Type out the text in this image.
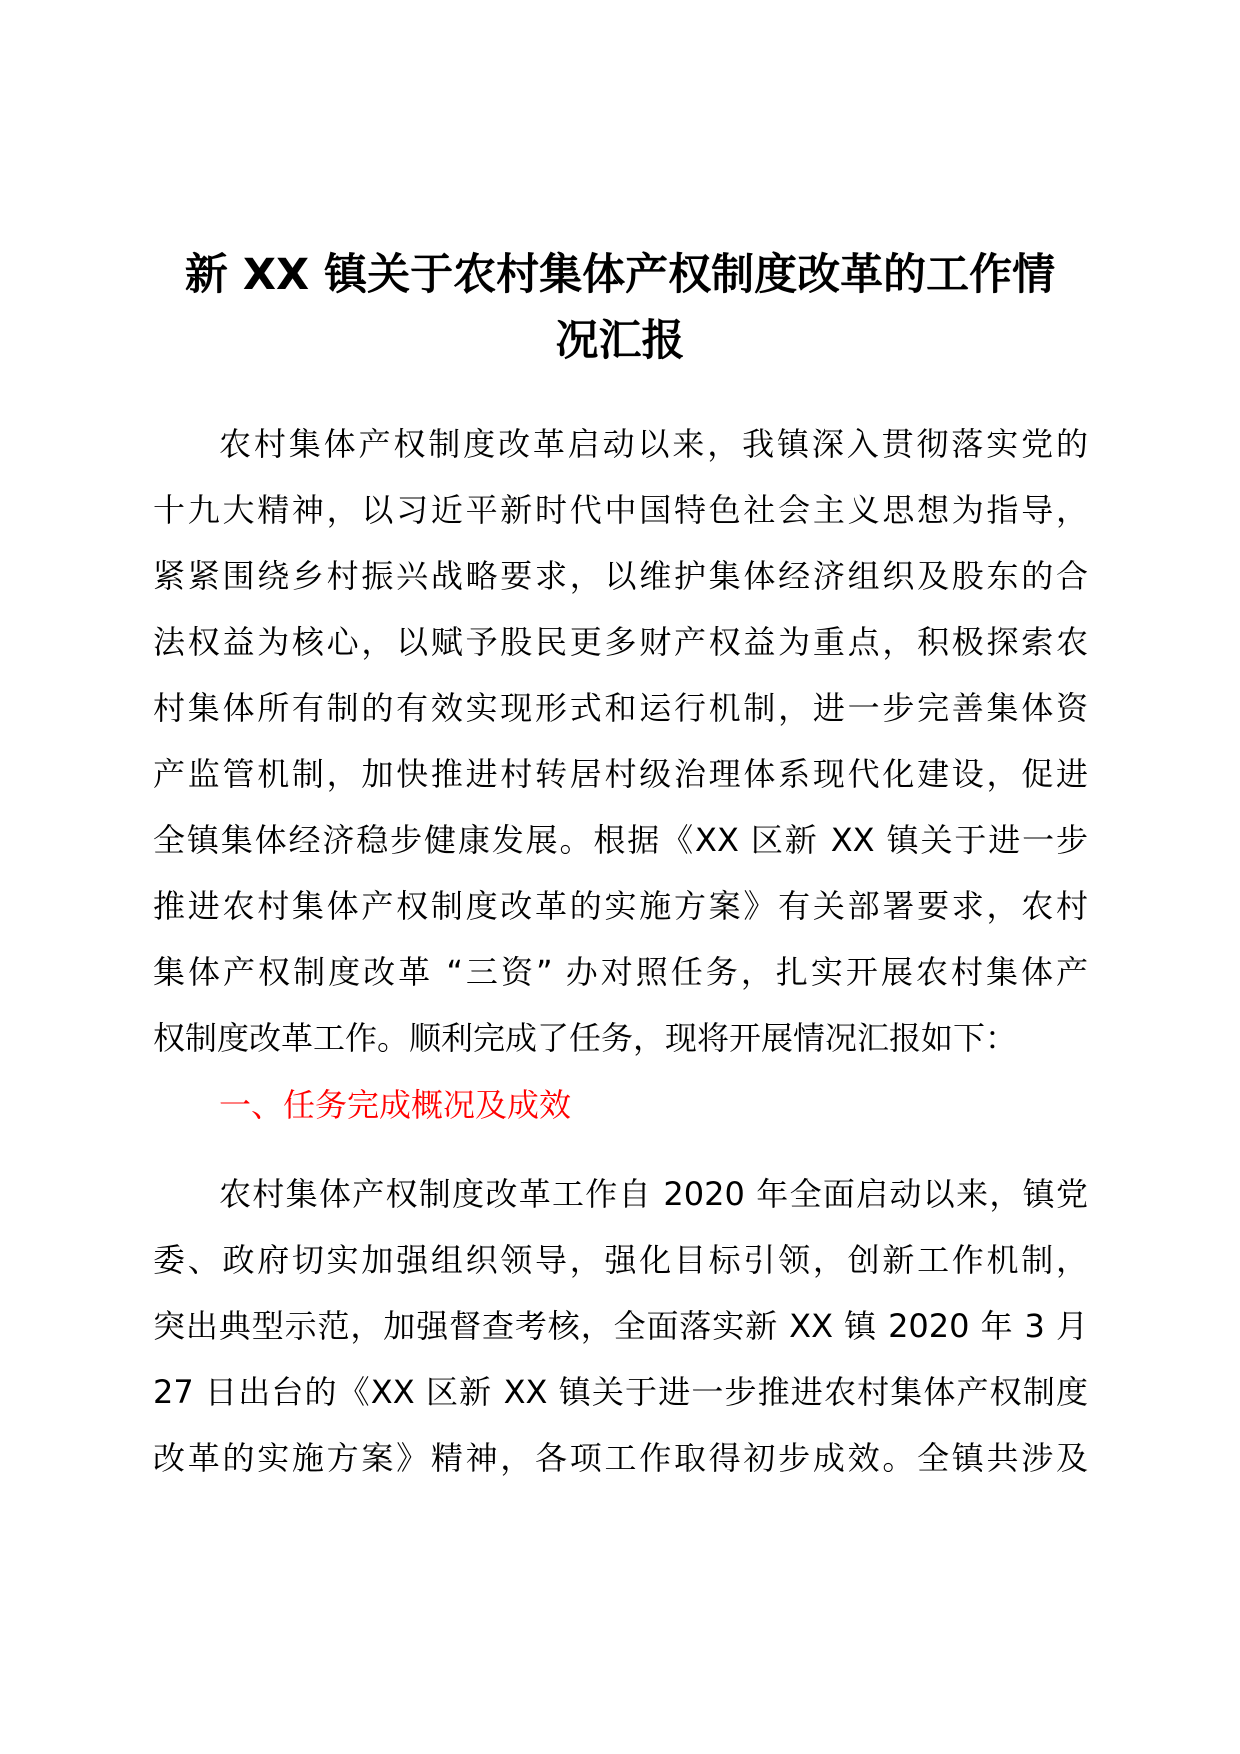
新 XX 镇关于农村集体产权制度改革的工作情
况汇报
农村集体产权制度改革启动以来，我镇深入贯彻落实党的
十九大精神，以习近平新时代中国特色社会主义思想为指导，
紧紧围绕乡村振兴战略要求，以维护集体经济组织及股东的合
法权益为核心，以赋予股民更多财产权益为重点，积极探索农
村集体所有制的有效实现形式和运行机制，进一步完善集体资
产监管机制，加快推进村转居村级治理体系现代化建设，促进
全镇集体经济稳步健康发展。根据《XX 区新 XX 镇关于进一步
推进农村集体产权制度改革的实施方案》有关部署要求，农村
集体产权制度改革 “三资” 办对照任务，扎实开展农村集体产
权制度改革工作。顺利完成了任务，现将开展情况汇报如下：
一、任务完成概况及成效
农村集体产权制度改革工作自 2020 年全面启动以来，镇党
委、政府切实加强组织领导，强化目标引领，创新工作机制，
突出典型示范，加强督查考核，全面落实新 XX 镇 2020 年 3 月
27 日出台的《XX 区新 XX 镇关于进一步推进农村集体产权制度
改革的实施方案》精神，各项工作取得初步成效。全镇共涉及
